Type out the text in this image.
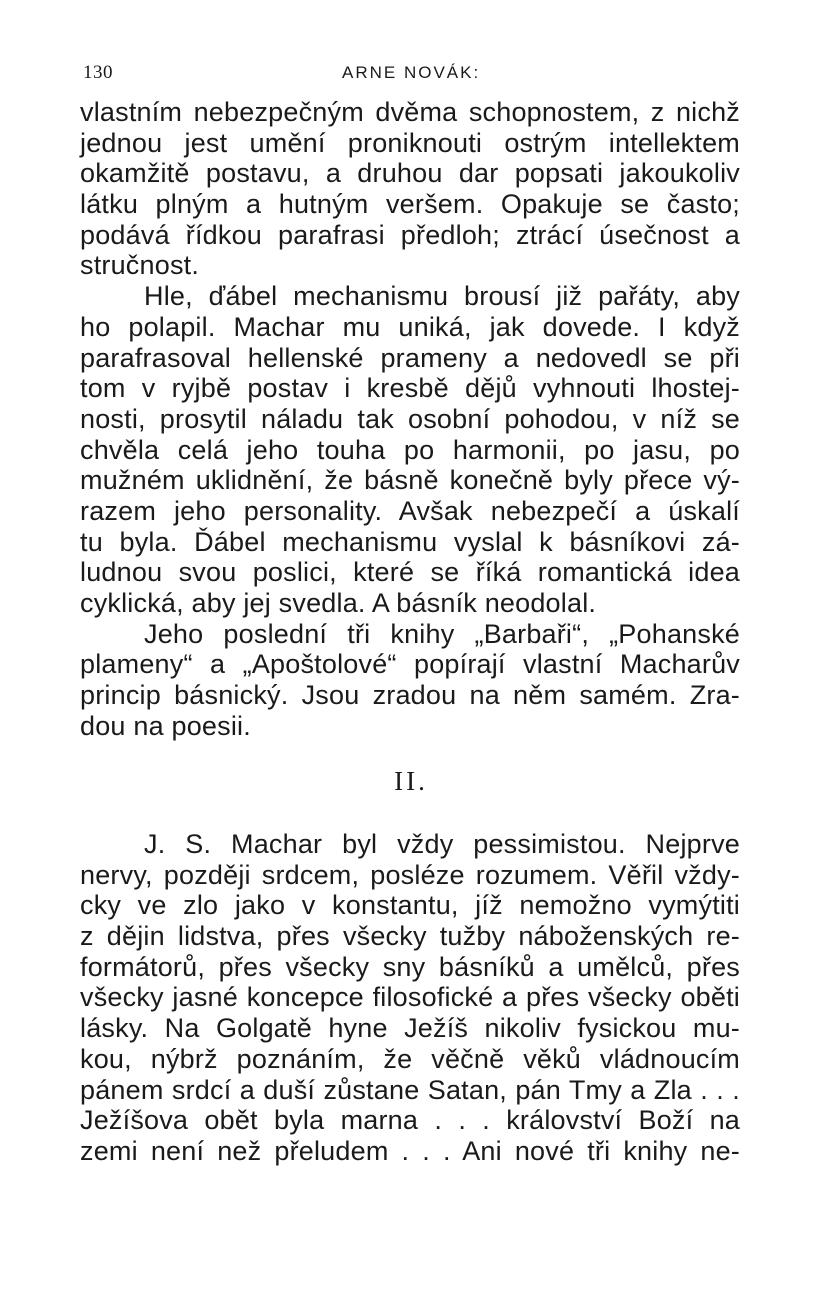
130	ARNE NOVÁK:
vlastním nebezpečným dvěma schopnostem, z nichž
jednou jest umění proniknouti ostrým intellektem
okamžitě postavu, a druhou dar popsati jakoukoliv
látku plným a hutným veršem. Opakuje se často;
podává řídkou parafrasi předloh; ztrácí úsečnost a
stručnost.
Hle, ďábel mechanismu brousí již pařáty, aby
ho polapil. Machar mu uniká, jak dovede. I když
parafrasoval hellenské prameny a nedovedl se při
tom v ryjbě postav i kresbě dějů vyhnouti lhostej-
nosti, prosytil náladu tak osobní pohodou, v níž se
chvěla celá jeho touha po harmonii, po jasu, po
mužném uklidnění, že básně konečně byly přece vý-
razem jeho personality. Avšak nebezpečí a úskalí
tu byla. Ďábel mechanismu vyslal k básníkovi zá-
ludnou svou poslici, které se říká romantická idea
cyklická, aby jej svedla. A básník neodolal.
Jeho poslední tři knihy „Barbaři“, „Pohanské
plameny“ a „Apoštolové“ popírají vlastní Macharův
princip básnický. Jsou zradou na něm samém. Zra-
dou na poesii.
II.
J. S. Machar byl vždy pessimistou. Nejprve
nervy, později srdcem, posléze rozumem. Věřil vždy-
cky ve zlo jako v konstantu, jíž nemožno vymýtiti
z dějin lidstva, přes všecky tužby náboženských re-
formátorů, přes všecky sny básníků a umělců, přes
všecky jasné koncepce filosofické a přes všecky oběti
lásky. Na Golgatě hyne Ježíš nikoliv fysickou mu-
kou, nýbrž poznáním, že věčně věků vládnoucím
pánem srdcí a duší zůstane Satan, pán Tmy a Zla . . .
Ježíšova obět byla marna . . . království Boží na
zemi není než přeludem . . . Ani nové tři knihy ne-
